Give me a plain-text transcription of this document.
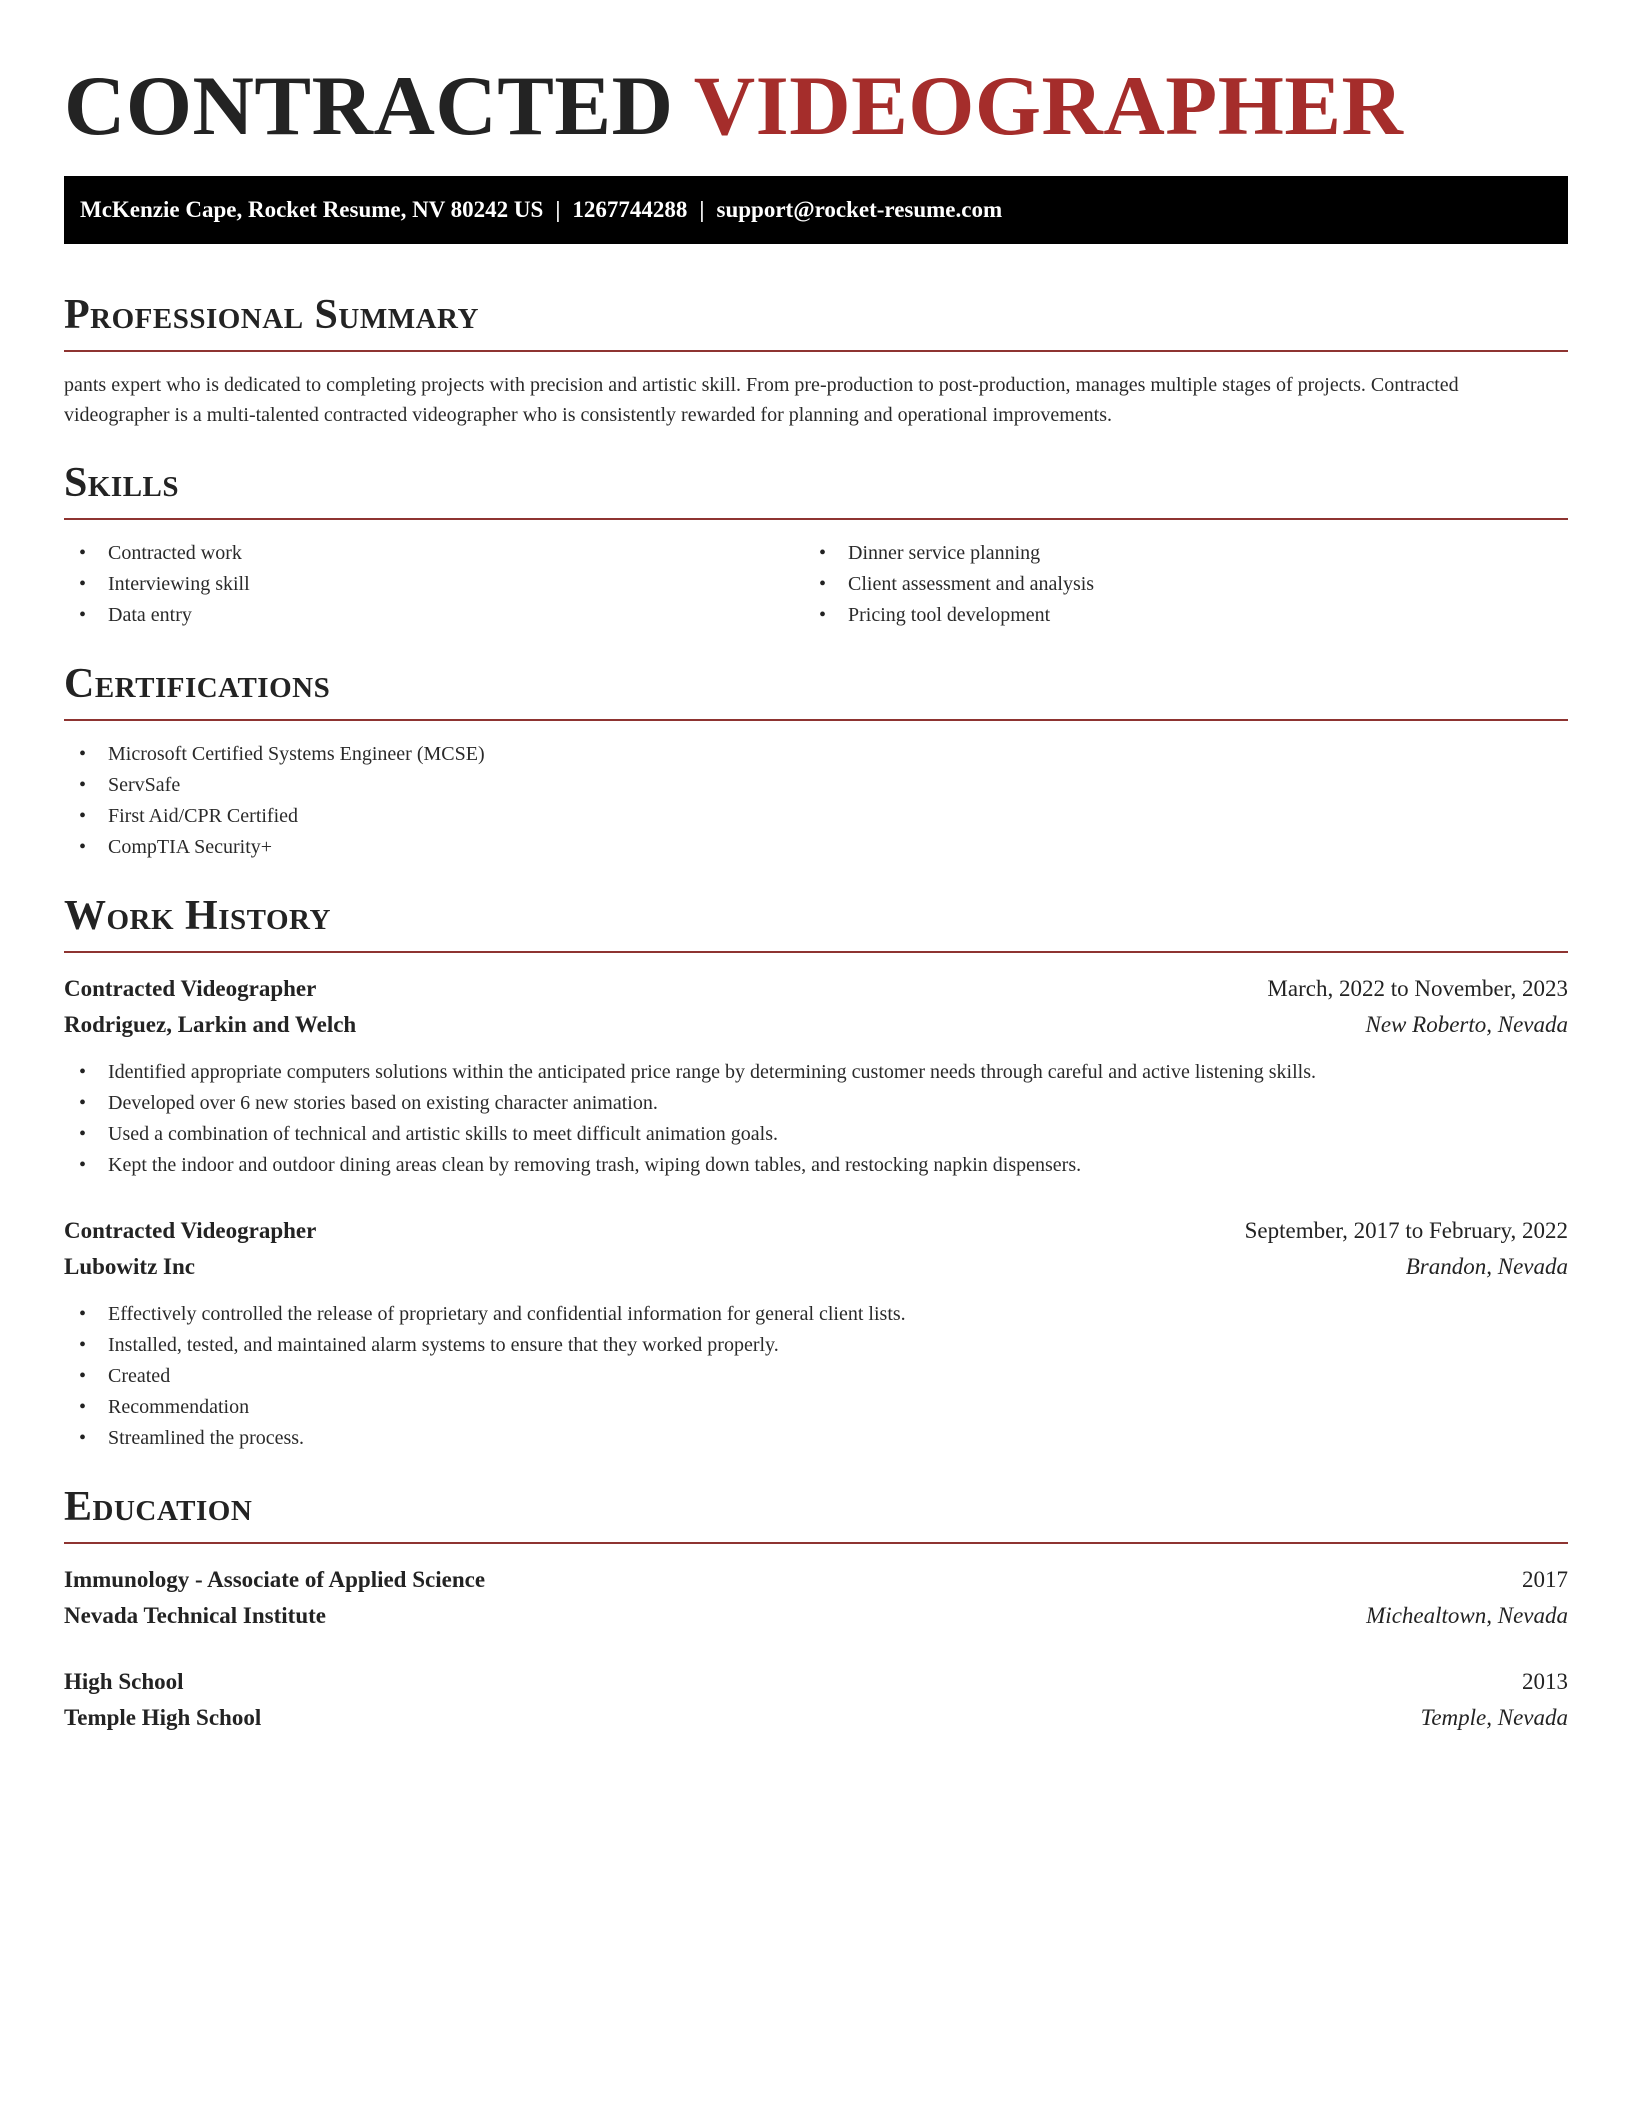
CONTRACTED VIDEOGRAPHER
McKenzie Cape, Rocket Resume, NV 80242 US | 1267744288 | support@rocket-resume.com
Professional Summary

pants expert who is dedicated to completing projects with precision and artistic skill. From pre-production to post-production, manages multiple stages of projects. Contracted videographer is a multi-talented contracted videographer who is consistently rewarded for planning and operational improvements.

Skills
• Contracted work
• Interviewing skill
• Data entry
• Dinner service planning
• Client assessment and analysis
• Pricing tool development
Certifications
• Microsoft Certified Systems Engineer (MCSE)
• ServSafe
• First Aid/CPR Certified
• CompTIA Security+
Work History
Contracted Videographer	March, 2022 to November, 2023
Rodriguez, Larkin and Welch	New Roberto, Nevada
• Identified appropriate computers solutions within the anticipated price range by determining customer needs through careful and active listening skills.
• Developed over 6 new stories based on existing character animation.
• Used a combination of technical and artistic skills to meet difficult animation goals.
• Kept the indoor and outdoor dining areas clean by removing trash, wiping down tables, and restocking napkin dispensers.
Contracted Videographer	September, 2017 to February, 2022
Lubowitz Inc	Brandon, Nevada
• Effectively controlled the release of proprietary and confidential information for general client lists.
• Installed, tested, and maintained alarm systems to ensure that they worked properly.
• Created
• Recommendation
• Streamlined the process.
Education
Immunology - Associate of Applied Science	2017
Nevada Technical Institute	Michealtown, Nevada
High School	2013
Temple High School	Temple, Nevada
